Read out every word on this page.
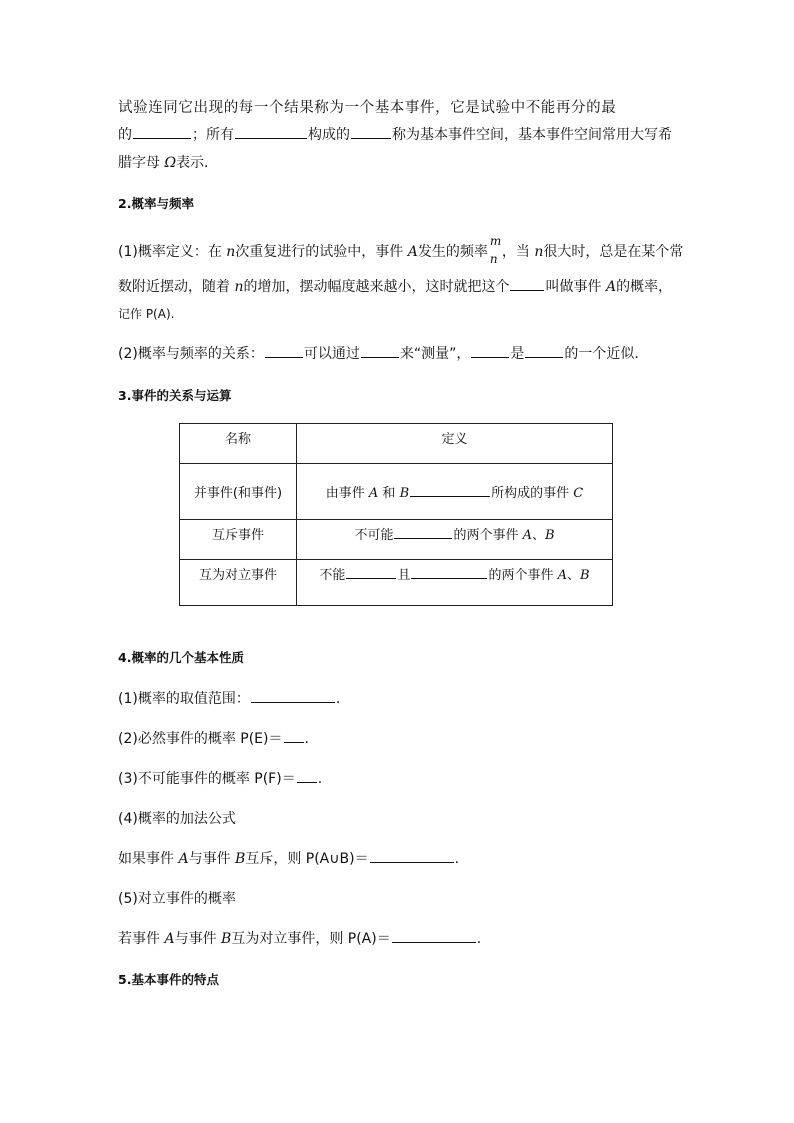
试验连同它出现的每一个结果称为一个基本事件，它是试验中不能再分的最
的	；所有	构成的	称为基本事件空间，基本事件空间常用大写希
腊字母 Ω表示.
2.概率与频率
(1)概率定义：在 n次重复进行的试验中，事件 A发生的频率
m
n ，当 n很大时，总是在某个常
数附近摆动，随着 n的增加，摆动幅度越来越小，这时就把这个	叫做事件 A的概率，
记作 P(A).
(2)概率与频率的关系：	可以通过	来“测量”，	是	的一个近似.
3.事件的关系与运算
名称	定义
并事件(和事件)	由事件 A 和 B 所构成的事件 C
互斥事件	不可能 的两个事件 A、B
互为对立事件	不能 且 的两个事件 A、B
4.概率的几个基本性质
(1)概率的取值范围：	.
(2)必然事件的概率 P(E)＝ .
(3)不可能事件的概率 P(F)＝ .
(4)概率的加法公式
如果事件 A与事件 B互斥，则 P(A∪B)＝	.
(5)对立事件的概率
若事件 A与事件 B互为对立事件，则 P(A)＝	.
5.基本事件的特点
